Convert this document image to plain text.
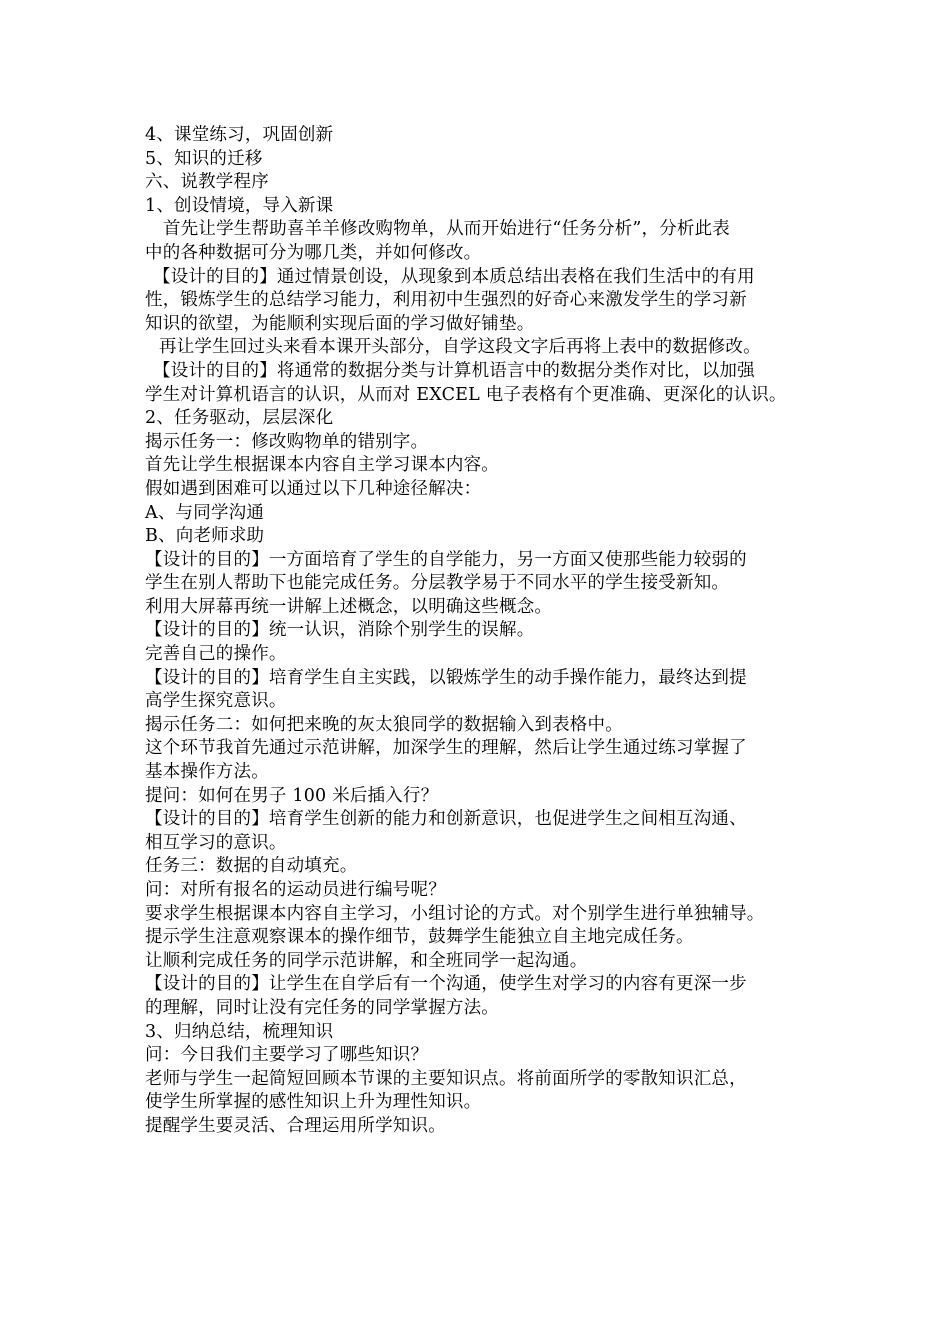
4、课堂练习，巩固创新
5、知识的迁移
六、说教学程序
1、创设情境，导入新课
首先让学生帮助喜羊羊修改购物单，从而开始进行“任务分析”，分析此表
中的各种数据可分为哪几类，并如何修改。
【设计的目的】通过情景创设，从现象到本质总结出表格在我们生活中的有用
性，锻炼学生的总结学习能力，利用初中生强烈的好奇心来激发学生的学习新
知识的欲望，为能顺利实现后面的学习做好铺垫。
再让学生回过头来看本课开头部分，自学这段文字后再将上表中的数据修改。
【设计的目的】将通常的数据分类与计算机语言中的数据分类作对比，以加强
学生对计算机语言的认识，从而对 EXCEL 电子表格有个更准确、更深化的认识。
2、任务驱动，层层深化
揭示任务一：修改购物单的错别字。
首先让学生根据课本内容自主学习课本内容。
假如遇到困难可以通过以下几种途径解决：
A、与同学沟通
B、向老师求助
【设计的目的】一方面培育了学生的自学能力，另一方面又使那些能力较弱的
学生在别人帮助下也能完成任务。分层教学易于不同水平的学生接受新知。
利用大屏幕再统一讲解上述概念，以明确这些概念。
【设计的目的】统一认识，消除个别学生的误解。
完善自己的操作。
【设计的目的】培育学生自主实践，以锻炼学生的动手操作能力，最终达到提
高学生探究意识。
揭示任务二：如何把来晚的灰太狼同学的数据输入到表格中。
这个环节我首先通过示范讲解，加深学生的理解，然后让学生通过练习掌握了
基本操作方法。
提问：如何在男子 100 米后插入行？
【设计的目的】培育学生创新的能力和创新意识，也促进学生之间相互沟通、
相互学习的意识。
任务三：数据的自动填充。
问：对所有报名的运动员进行编号呢？
要求学生根据课本内容自主学习，小组讨论的方式。对个别学生进行单独辅导。
提示学生注意观察课本的操作细节，鼓舞学生能独立自主地完成任务。
让顺利完成任务的同学示范讲解，和全班同学一起沟通。
【设计的目的】让学生在自学后有一个沟通，使学生对学习的内容有更深一步
的理解，同时让没有完任务的同学掌握方法。
3、归纳总结，梳理知识
问：今日我们主要学习了哪些知识？
老师与学生一起简短回顾本节课的主要知识点。将前面所学的零散知识汇总，
使学生所掌握的感性知识上升为理性知识。
提醒学生要灵活、合理运用所学知识。
